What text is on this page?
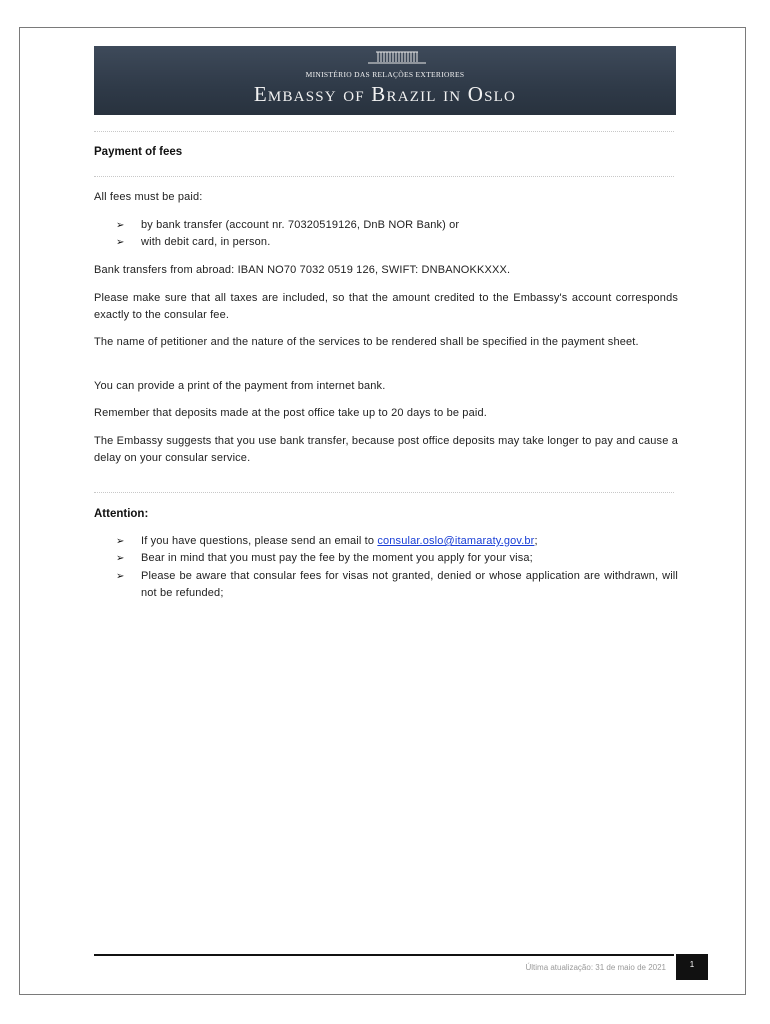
MINISTÉRIO DAS RELAÇÕES EXTERIORES
Embassy of Brazil in Oslo
Payment of fees
All fees must be paid:
➢	by bank transfer (account nr. 70320519126, DnB NOR Bank) or
➢	with debit card, in person.
Bank transfers from abroad: IBAN NO70 7032 0519 126, SWIFT: DNBANOKKXXX.
Please make sure that all taxes are included, so that the amount credited to the Embassy's account corresponds exactly to the consular fee.
The name of petitioner and the nature of the services to be rendered shall be specified in the payment sheet.
You can provide a print of the payment from internet bank.
Remember that deposits made at the post office take up to 20 days to be paid.
The Embassy suggests that you use bank transfer, because post office deposits may take longer to pay and cause a delay on your consular service.
Attention:
➢	If you have questions, please send an email to consular.oslo@itamaraty.gov.br;
➢	Bear in mind that you must pay the fee by the moment you apply for your visa;
➢	Please be aware that consular fees for visas not granted, denied or whose application are withdrawn, will not be refunded;
Última atualização: 31 de maio de 2021	1
